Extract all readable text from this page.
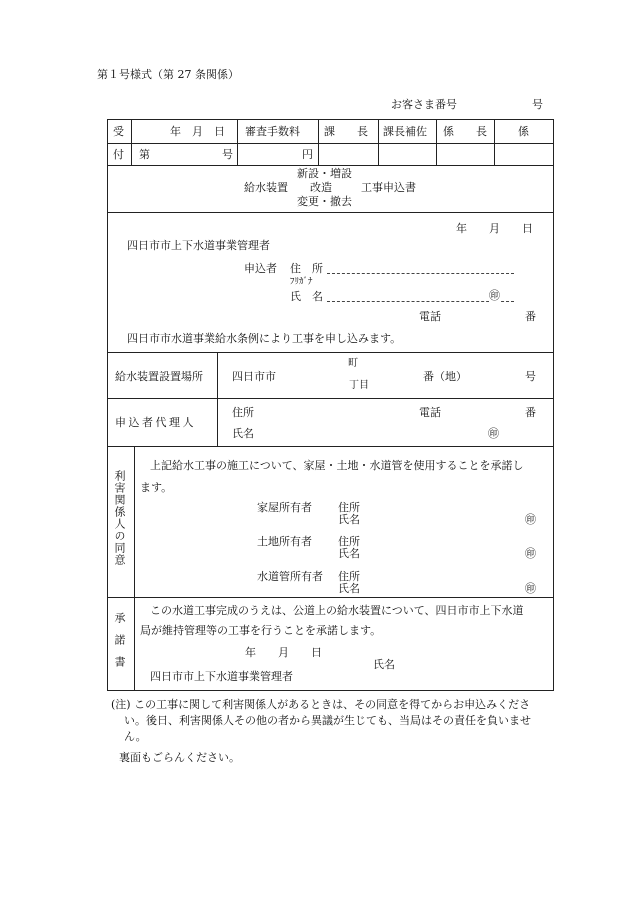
第１号様式（第 27 条関係）
お客さま番号	号
受	年　月　日 審査手数料 課　　長 課長補佐 係　　長	係
付 第	号	円
給水装置
新設・増設
改造
変更・撤去
工事申込書
年　　月　　日
四日市市上下水道事業管理者
申込者 住　所
ﾌﾘｶﾞﾅ
氏　名	㊞
電話	番
四日市市水道事業給水条例により工事を申し込みます。
給水装置設置場所	四日市市
町
丁目
番（地）	号
申込者代理人
住所	電話	番
氏名	㊞
利害関係人の同意
上記給水工事の施工について、家屋・土地・水道管を使用することを承諾し
ます。
家屋所有者 住所
氏名	㊞
土地所有者 住所
氏名	㊞
水道管所有者 住所
氏名	㊞
承諾書
この水道工事完成のうえは、公道上の給水装置について、四日市市上下水道
局が維持管理等の工事を行うことを承諾します。
年　　月　　日
氏名
四日市市上下水道事業管理者
(注) この工事に関して利害関係人があるときは、その同意を得てからお申込みくださ
い。後日、利害関係人その他の者から異議が生じても、当局はその責任を負いませ
ん。
裏面もごらんください。
